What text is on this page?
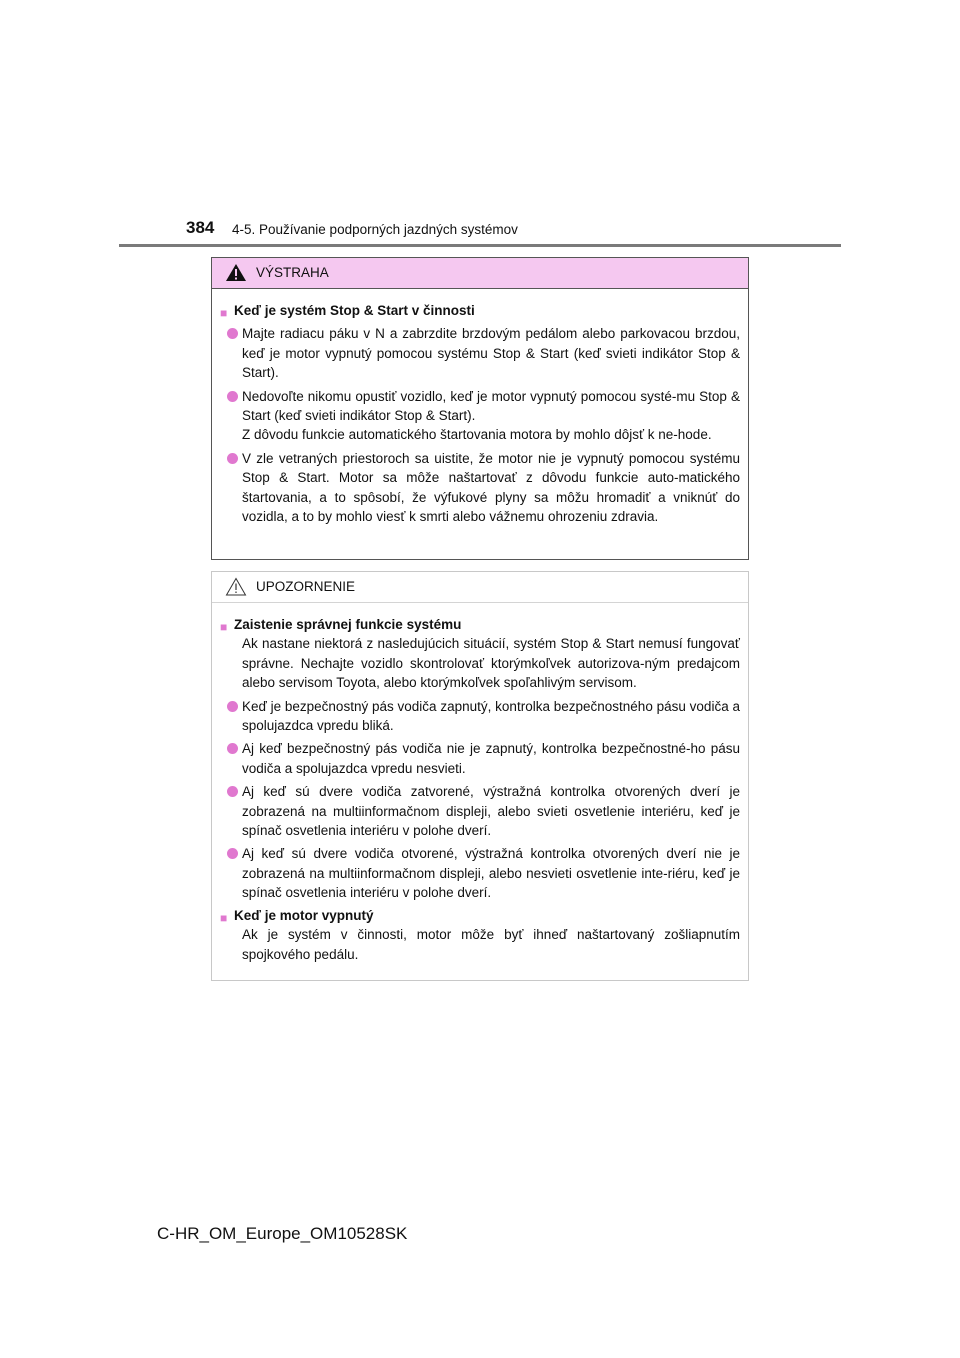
384 4-5. Používanie podporných jazdných systémov
VÝSTRAHA
■ Keď je systém Stop & Start v činnosti
Majte radiacu páku v N a zabrzdite brzdovým pedálom alebo parkovacou brzdou, keď je motor vypnutý pomocou systému Stop & Start (keď svieti indikátor Stop & Start).
Nedovoľte nikomu opustiť vozidlo, keď je motor vypnutý pomocou systé-mu Stop & Start (keď svieti indikátor Stop & Start).
Z dôvodu funkcie automatického štartovania motora by mohlo dôjsť k ne-hode.
V zle vetraných priestoroch sa uistite, že motor nie je vypnutý pomocou systému Stop & Start. Motor sa môže naštartovať z dôvodu funkcie auto-matického štartovania, a to spôsobí, že výfukové plyny sa môžu hromadiť a vniknúť do vozidla, a to by mohlo viesť k smrti alebo vážnemu ohrozeniu zdravia.
UPOZORNENIE
■ Zaistenie správnej funkcie systému
Ak nastane niektorá z nasledujúcich situácií, systém Stop & Start nemusí fungovať správne. Nechajte vozidlo skontrolovať ktorýmkoľvek autorizova-ným predajcom alebo servisom Toyota, alebo ktorýmkoľvek spoľahlivým servisom.
Keď je bezpečnostný pás vodiča zapnutý, kontrolka bezpečnostného pásu vodiča a spolujazdca vpredu bliká.
Aj keď bezpečnostný pás vodiča nie je zapnutý, kontrolka bezpečnostné-ho pásu vodiča a spolujazdca vpredu nesvieti.
Aj keď sú dvere vodiča zatvorené, výstražná kontrolka otvorených dverí je zobrazená na multiinformačnom displeji, alebo svieti osvetlenie interiéru, keď je spínač osvetlenia interiéru v polohe dverí.
Aj keď sú dvere vodiča otvorené, výstražná kontrolka otvorených dverí nie je zobrazená na multiinformačnom displeji, alebo nesvieti osvetlenie inte-riéru, keď je spínač osvetlenia interiéru v polohe dverí.
■ Keď je motor vypnutý
Ak je systém v činnosti, motor môže byť ihneď naštartovaný zošliapnutím spojkového pedálu.
C-HR_OM_Europe_OM10528SK
